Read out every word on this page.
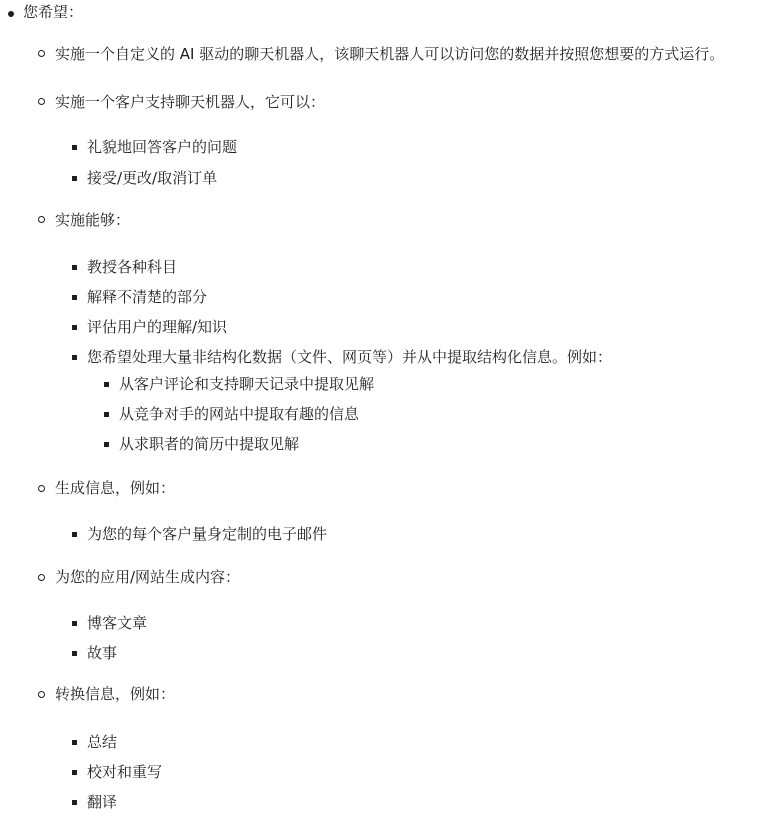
您希望：
实施一个自定义的 AI 驱动的聊天机器人，该聊天机器人可以访问您的数据并按照您想要的方式运行。
实施一个客户支持聊天机器人，它可以：
礼貌地回答客户的问题
接受/更改/取消订单
实施能够：
教授各种科目
解释不清楚的部分
评估用户的理解/知识
您希望处理大量非结构化数据（文件、网页等）并从中提取结构化信息。例如：
从客户评论和支持聊天记录中提取见解
从竞争对手的网站中提取有趣的信息
从求职者的简历中提取见解
生成信息，例如：
为您的每个客户量身定制的电子邮件
为您的应用/网站生成内容：
博客文章
故事
转换信息，例如：
总结
校对和重写
翻译
